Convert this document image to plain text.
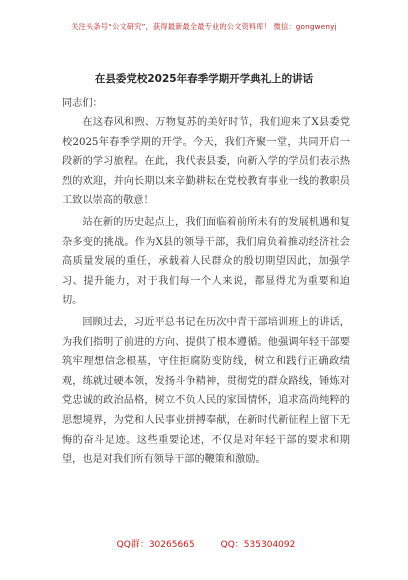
关注头条号“公文研究”，获得最新最全最专业的公文资料库！ 微信：gongwenyj
在县委党校2025年春季学期开学典礼上的讲话
同志们：

在这春风和煦、万物复苏的美好时节，我们迎来了X县委党校2025年春季学期的开学。今天，我们齐聚一堂，共同开启一段新的学习旅程。在此，我代表县委，向新入学的学员们表示热烈的欢迎，并向长期以来辛勤耕耘在党校教育事业一线的教职员工致以崇高的敬意！

站在新的历史起点上，我们面临着前所未有的发展机遇和复杂多变的挑战。作为X县的领导干部，我们肩负着推动经济社会高质量发展的重任，承载着人民群众的殷切期望因此，加强学习、提升能力，对于我们每一个人来说，都显得尤为重要和迫切。

回顾过去，习近平总书记在历次中青干部培训班上的讲话，为我们指明了前进的方向、提供了根本遵循。他强调年轻干部要筑牢理想信念根基，守住拒腐防变防线，树立和践行正确政绩观，练就过硬本领，发扬斗争精神，贯彻党的群众路线，锤炼对党忠诚的政治品格，树立不负人民的家国情怀，追求高尚纯粹的思想境界，为党和人民事业拼搏奉献，在新时代新征程上留下无悔的奋斗足迹。这些重要论述，不仅是对年轻干部的要求和期望，也是对我们所有领导干部的鞭策和激励。

QQ群：30265665	QQ：535304092
